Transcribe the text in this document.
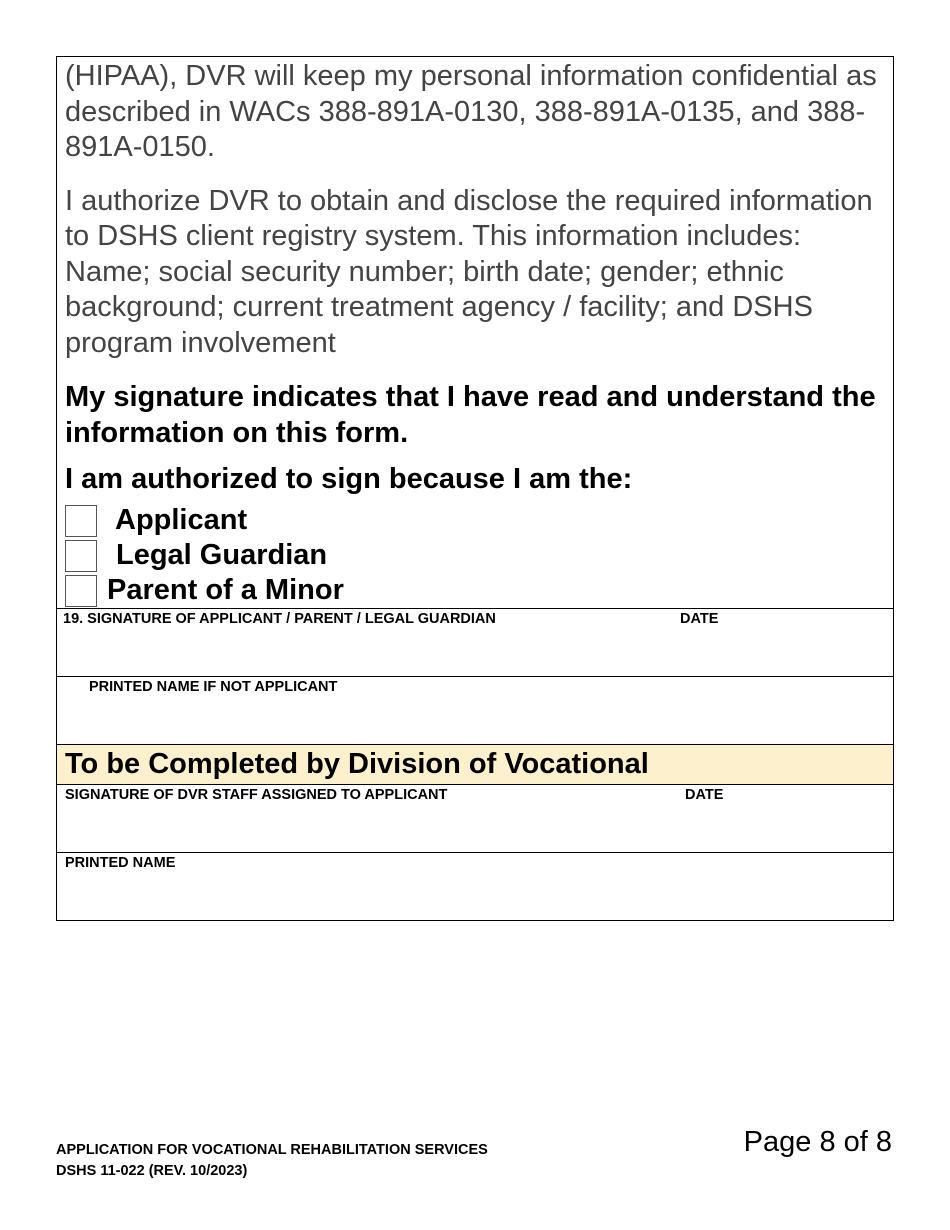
(HIPAA), DVR will keep my personal information confidential as described in WACs 388-891A-0130, 388-891A-0135, and 388-891A-0150.

I authorize DVR to obtain and disclose the required information to DSHS client registry system. This information includes: Name; social security number; birth date; gender; ethnic background; current treatment agency / facility; and DSHS program involvement

My signature indicates that I have read and understand the information on this form.

I am authorized to sign because I am the:

Applicant
Legal Guardian
Parent of a Minor
19. SIGNATURE OF APPLICANT / PARENT / LEGAL GUARDIAN	DATE
PRINTED NAME IF NOT APPLICANT
To be Completed by Division of Vocational
SIGNATURE OF DVR STAFF ASSIGNED TO APPLICANT	DATE
PRINTED NAME
APPLICATION FOR VOCATIONAL REHABILITATION SERVICES
DSHS 11-022 (REV. 10/2023)
Page 8 of 8
